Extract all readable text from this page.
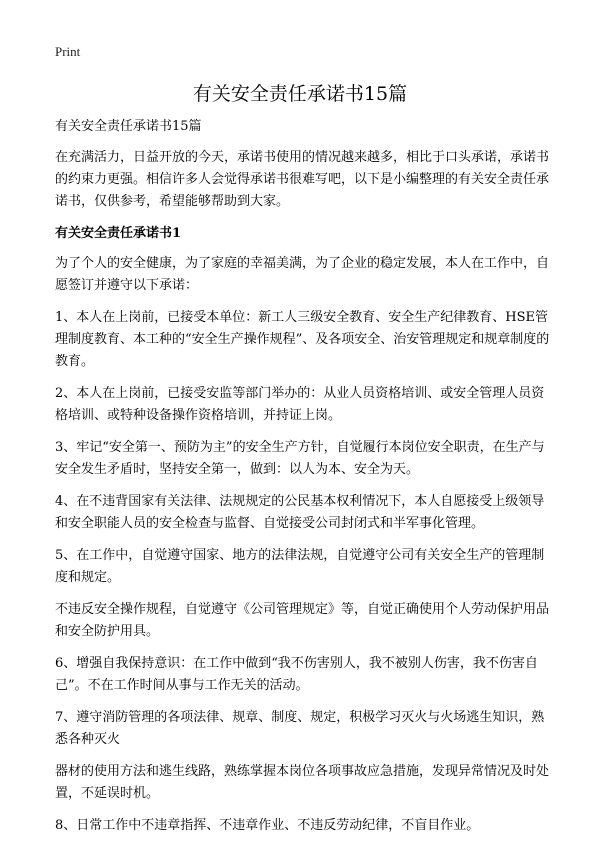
Print
有关安全责任承诺书15篇

有关安全责任承诺书15篇

在充满活力，日益开放的今天，承诺书使用的情况越来越多，相比于口头承诺，承诺书的约束力更强。相信许多人会觉得承诺书很难写吧，以下是小编整理的有关安全责任承诺书，仅供参考，希望能够帮助到大家。

有关安全责任承诺书1

为了个人的安全健康，为了家庭的幸福美满，为了企业的稳定发展，本人在工作中，自愿签订并遵守以下承诺：

1、本人在上岗前，已接受本单位：新工人三级安全教育、安全生产纪律教育、HSE管理制度教育、本工种的“安全生产操作规程”、及各项安全、治安管理规定和规章制度的教育。

2、本人在上岗前，已接受安监等部门举办的：从业人员资格培训、或安全管理人员资格培训、或特种设备操作资格培训，并持证上岗。

3、牢记“安全第一、预防为主”的安全生产方针，自觉履行本岗位安全职责，在生产与安全发生矛盾时，坚持安全第一，做到：以人为本、安全为天。

4、在不违背国家有关法律、法规规定的公民基本权利情况下，本人自愿接受上级领导和安全职能人员的安全检查与监督、自觉接受公司封闭式和半军事化管理。

5、在工作中，自觉遵守国家、地方的法律法规，自觉遵守公司有关安全生产的管理制度和规定。

不违反安全操作规程，自觉遵守《公司管理规定》等，自觉正确使用个人劳动保护用品和安全防护用具。

6、增强自我保持意识：在工作中做到“我不伤害别人，我不被别人伤害，我不伤害自己”。不在工作时间从事与工作无关的活动。

7、遵守消防管理的各项法律、规章、制度、规定，积极学习灭火与火场逃生知识，熟悉各种灭火

器材的使用方法和逃生线路，熟练掌握本岗位各项事故应急措施，发现异常情况及时处置，不延误时机。

8、日常工作中不违章指挥、不违章作业、不违反劳动纪律，不盲目作业。
